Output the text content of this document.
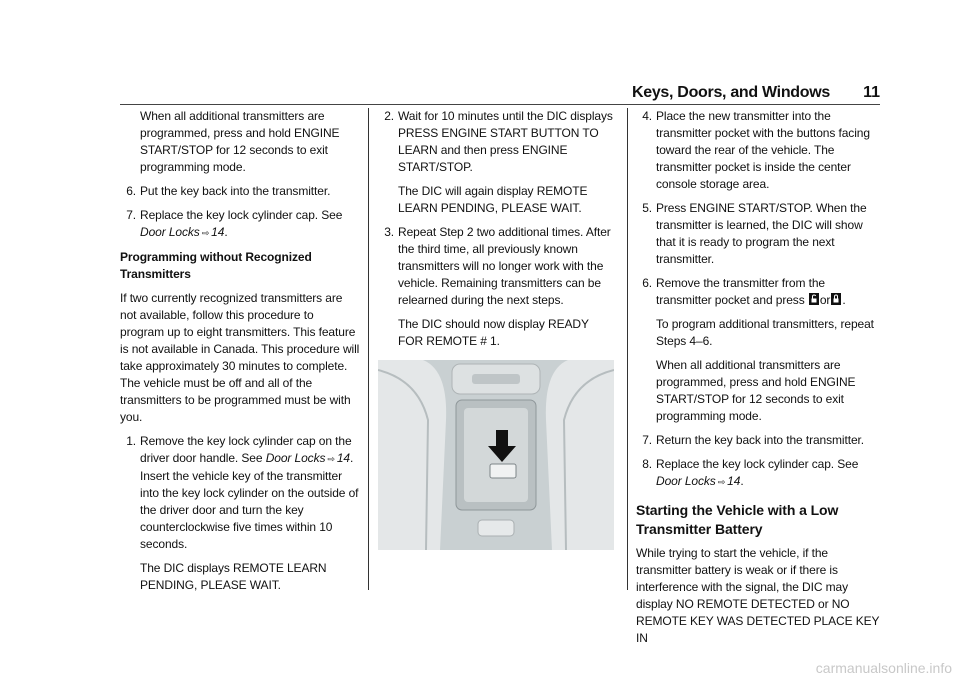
Keys, Doors, and Windows 11

When all additional transmitters are programmed, press and hold ENGINE START/STOP for 12 seconds to exit programming mode.

6. Put the key back into the transmitter.
7. Replace the key lock cylinder cap. See Door Locks ⇨ 14.
Programming without Recognized Transmitters

If two currently recognized transmitters are not available, follow this procedure to program up to eight transmitters. This feature is not available in Canada. This procedure will take approximately 30 minutes to complete. The vehicle must be off and all of the transmitters to be programmed must be with you.

1. Remove the key lock cylinder cap on the driver door handle. See Door Locks ⇨ 14. Insert the vehicle key of the transmitter into the key lock cylinder on the outside of the driver door and turn the key counterclockwise five times within 10 seconds.

The DIC displays REMOTE LEARN PENDING, PLEASE WAIT.

2. Wait for 10 minutes until the DIC displays PRESS ENGINE START BUTTON TO LEARN and then press ENGINE START/STOP.

The DIC will again display REMOTE LEARN PENDING, PLEASE WAIT.

3. Repeat Step 2 two additional times. After the third time, all previously known transmitters will no longer work with the vehicle. Remaining transmitters can be relearned during the next steps.

The DIC should now display READY FOR REMOTE # 1.

4. Place the new transmitter into the transmitter pocket with the buttons facing toward the rear of the vehicle. The transmitter pocket is inside the center console storage area.
5. Press ENGINE START/STOP. When the transmitter is learned, the DIC will show that it is ready to program the next transmitter.
6. Remove the transmitter from the transmitter pocket and press or .

To program additional transmitters, repeat Steps 4–6.

When all additional transmitters are programmed, press and hold ENGINE START/STOP for 12 seconds to exit programming mode.

7. Return the key back into the transmitter.
8. Replace the key lock cylinder cap. See Door Locks ⇨ 14.
Starting the Vehicle with a Low Transmitter Battery

While trying to start the vehicle, if the transmitter battery is weak or if there is interference with the signal, the DIC may display NO REMOTE DETECTED or NO REMOTE KEY WAS DETECTED PLACE KEY IN

carmanualsonline.info
